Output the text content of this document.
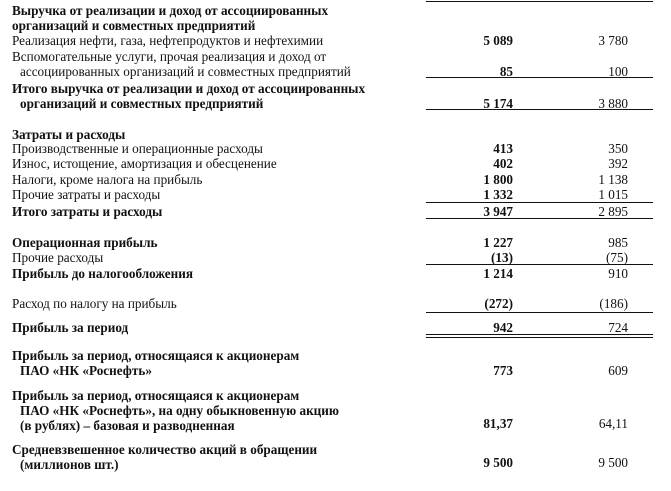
Выручка от реализации и доход от ассоциированных
организаций и совместных предприятий
Реализация нефти, газа, нефтепродуктов и нефтехимии	5 089	3 780
Вспомогательные услуги, прочая реализация и доход от
ассоциированных организаций и совместных предприятий	85	100
Итого выручка от реализации и доход от ассоциированных
организаций и совместных предприятий	5 174	3 880
Затраты и расходы
Производственные и операционные расходы	413	350
Износ, истощение, амортизация и обесценение	402	392
Налоги, кроме налога на прибыль	1 800	1 138
Прочие затраты и расходы	1 332	1 015
Итого затраты и расходы	3 947	2 895
Операционная прибыль	1 227	985
Прочие расходы	(13)	(75)
Прибыль до налогообложения	1 214	910
Расход по налогу на прибыль	(272)	(186)
Прибыль за период	942	724
Прибыль за период, относящаяся к акционерам
ПАО «НК «Роснефть»	773	609
Прибыль за период, относящаяся к акционерам
ПАО «НК «Роснефть», на одну обыкновенную акцию
(в рублях) – базовая и разводненная	81,37	64,11
Средневзвешенное количество акций в обращении
(миллионов шт.)	9 500	9 500
